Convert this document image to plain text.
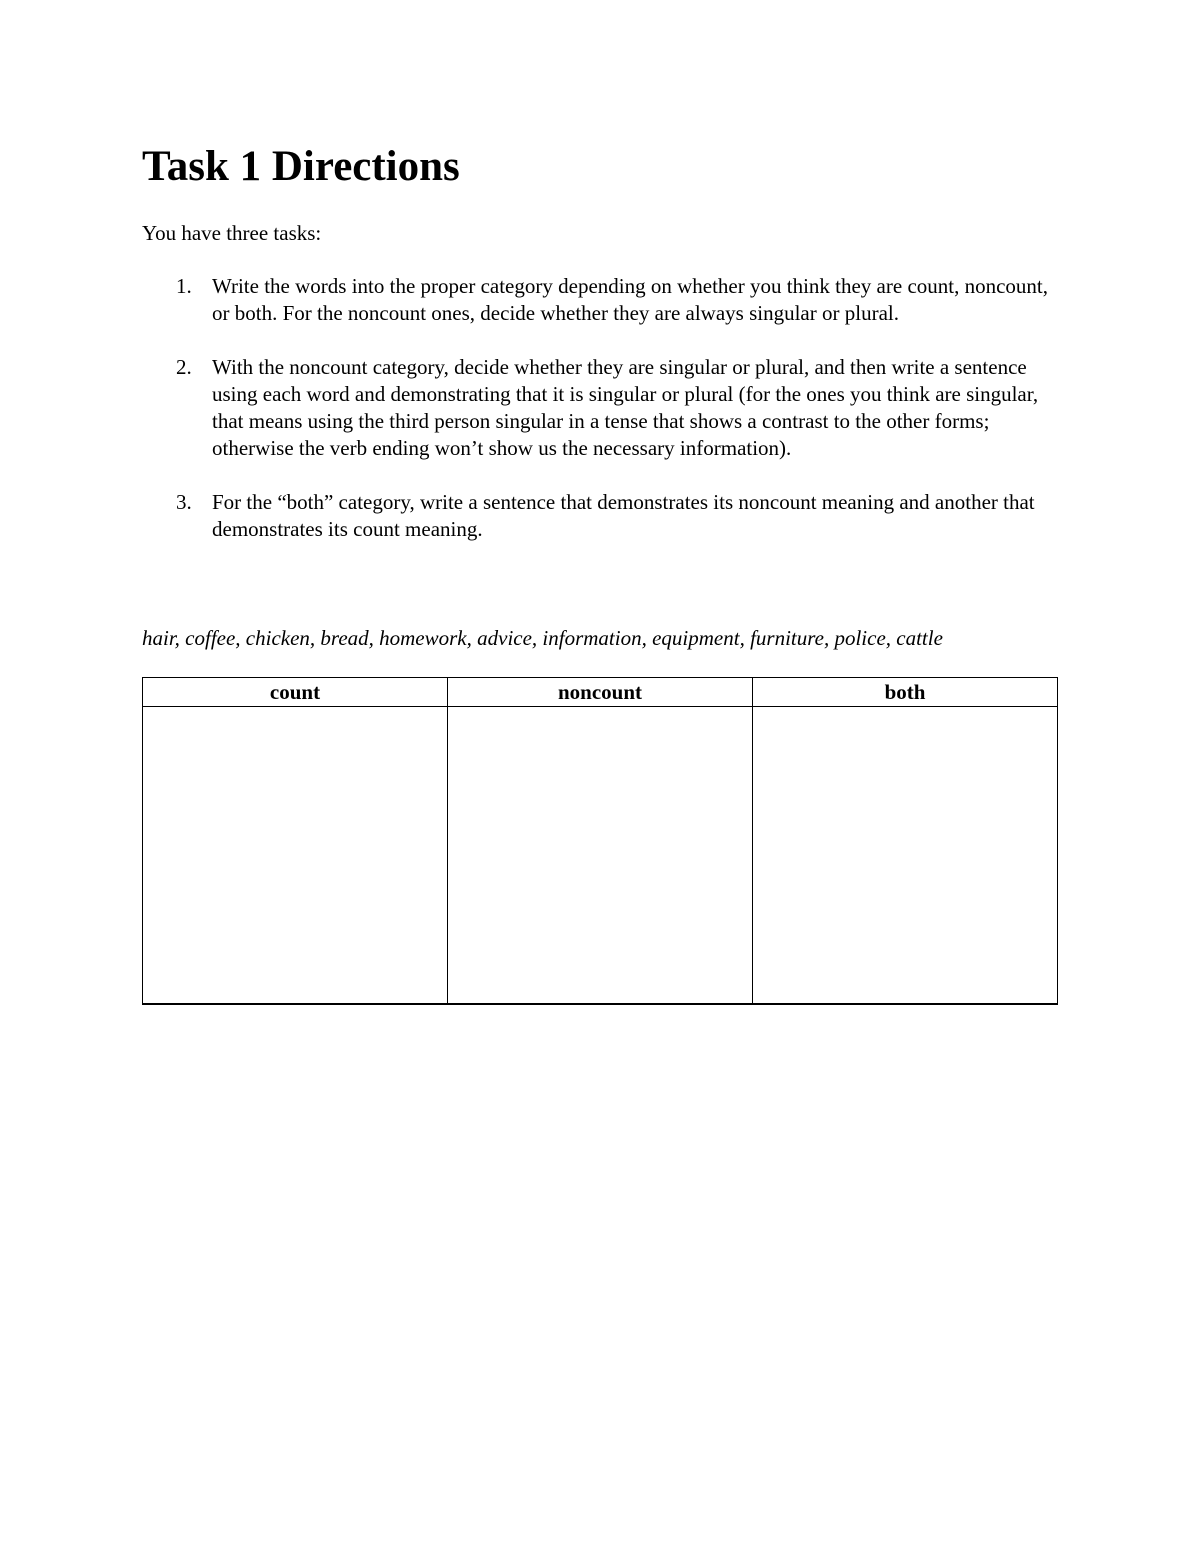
Task 1 Directions

You have three tasks:

1. Write the words into the proper category depending on whether you think they are count, noncount, or both. For the noncount ones, decide whether they are always singular or plural.
2. With the noncount category, decide whether they are singular or plural, and then write a sentence using each word and demonstrating that it is singular or plural (for the ones you think are singular, that means using the third person singular in a tense that shows a contrast to the other forms; otherwise the verb ending won’t show us the necessary information).
3. For the “both” category, write a sentence that demonstrates its noncount meaning and another that demonstrates its count meaning.

hair, coffee, chicken, bread, homework, advice, information, equipment, furniture, police, cattle

count	noncount	both
